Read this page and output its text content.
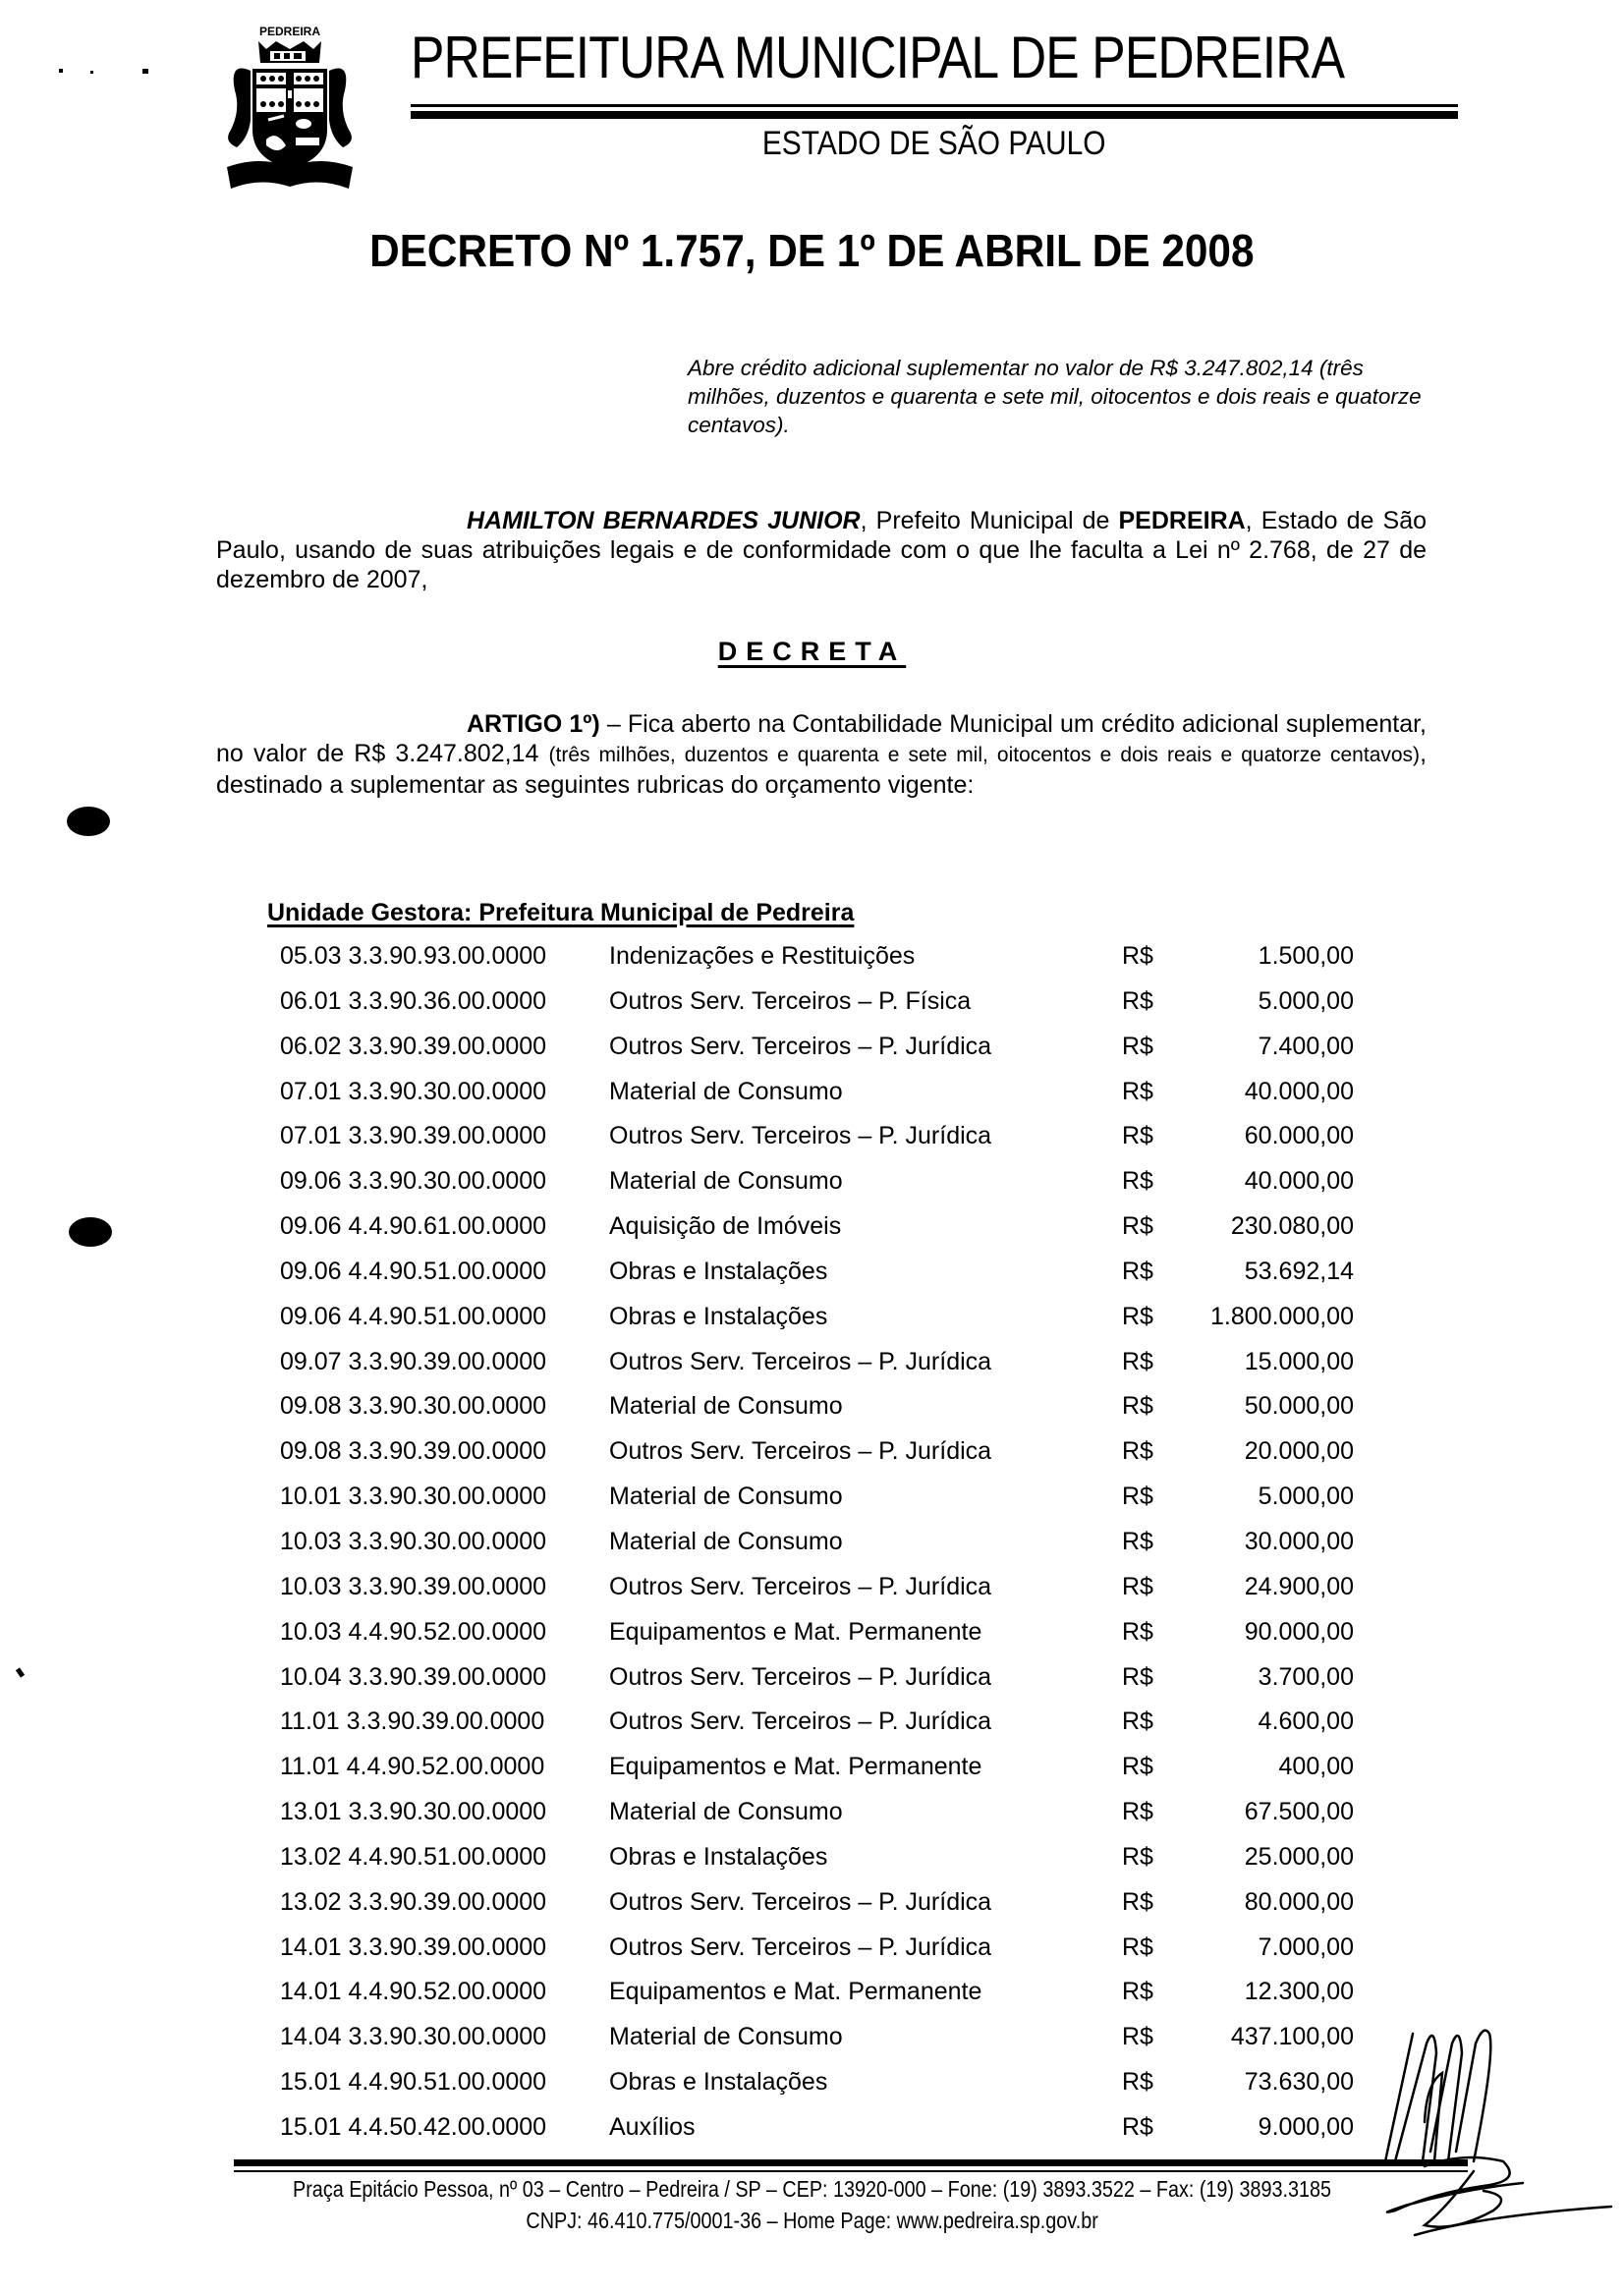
PEDREIRA PREFEITURA MUNICIPAL DE PEDREIRA
ESTADO DE SÃO PAULO
DECRETO Nº 1.757, DE 1º DE ABRIL DE 2008
Abre crédito adicional suplementar no valor de R$ 3.247.802,14 (três milhões, duzentos e quarenta e sete mil, oitocentos e dois reais e quatorze centavos).
HAMILTON BERNARDES JUNIOR, Prefeito Municipal de PEDREIRA, Estado de São Paulo, usando de suas atribuições legais e de conformidade com o que lhe faculta a Lei nº 2.768, de 27 de dezembro de 2007,
DECRETA
ARTIGO 1º) – Fica aberto na Contabilidade Municipal um crédito adicional suplementar, no valor de R$ 3.247.802,14 (três milhões, duzentos e quarenta e sete mil, oitocentos e dois reais e quatorze centavos), destinado a suplementar as seguintes rubricas do orçamento vigente:
Unidade Gestora: Prefeitura Municipal de Pedreira
05.03 3.3.90.93.00.0000	Indenizações e Restituições	R$	1.500,00
06.01 3.3.90.36.00.0000	Outros Serv. Terceiros – P. Física	R$	5.000,00
06.02 3.3.90.39.00.0000	Outros Serv. Terceiros – P. Jurídica	R$	7.400,00
07.01 3.3.90.30.00.0000	Material de Consumo	R$	40.000,00
07.01 3.3.90.39.00.0000	Outros Serv. Terceiros – P. Jurídica	R$	60.000,00
09.06 3.3.90.30.00.0000	Material de Consumo	R$	40.000,00
09.06 4.4.90.61.00.0000	Aquisição de Imóveis	R$	230.080,00
09.06 4.4.90.51.00.0000	Obras e Instalações	R$	53.692,14
09.06 4.4.90.51.00.0000	Obras e Instalações	R$	1.800.000,00
09.07 3.3.90.39.00.0000	Outros Serv. Terceiros – P. Jurídica	R$	15.000,00
09.08 3.3.90.30.00.0000	Material de Consumo	R$	50.000,00
09.08 3.3.90.39.00.0000	Outros Serv. Terceiros – P. Jurídica	R$	20.000,00
10.01 3.3.90.30.00.0000	Material de Consumo	R$	5.000,00
10.03 3.3.90.30.00.0000	Material de Consumo	R$	30.000,00
10.03 3.3.90.39.00.0000	Outros Serv. Terceiros – P. Jurídica	R$	24.900,00
10.03 4.4.90.52.00.0000	Equipamentos e Mat. Permanente	R$	90.000,00
10.04 3.3.90.39.00.0000	Outros Serv. Terceiros – P. Jurídica	R$	3.700,00
11.01 3.3.90.39.00.0000	Outros Serv. Terceiros – P. Jurídica	R$	4.600,00
11.01 4.4.90.52.00.0000	Equipamentos e Mat. Permanente	R$	400,00
13.01 3.3.90.30.00.0000	Material de Consumo	R$	67.500,00
13.02 4.4.90.51.00.0000	Obras e Instalações	R$	25.000,00
13.02 3.3.90.39.00.0000	Outros Serv. Terceiros – P. Jurídica	R$	80.000,00
14.01 3.3.90.39.00.0000	Outros Serv. Terceiros – P. Jurídica	R$	7.000,00
14.01 4.4.90.52.00.0000	Equipamentos e Mat. Permanente	R$	12.300,00
14.04 3.3.90.30.00.0000	Material de Consumo	R$	437.100,00
15.01 4.4.90.51.00.0000	Obras e Instalações	R$	73.630,00
15.01 4.4.50.42.00.0000	Auxílios	R$	9.000,00
Praça Epitácio Pessoa, nº 03 – Centro – Pedreira / SP – CEP: 13920-000 – Fone: (19) 3893.3522 – Fax: (19) 3893.3185
CNPJ: 46.410.775/0001-36 – Home Page: www.pedreira.sp.gov.br
